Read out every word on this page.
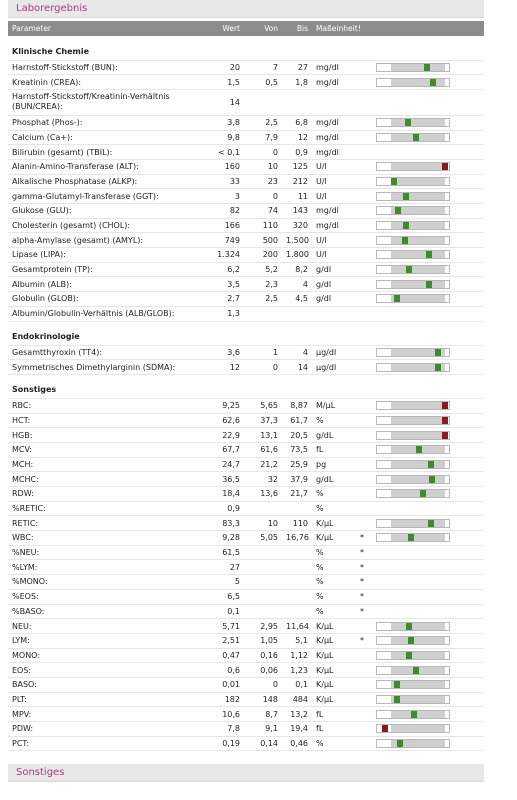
Laborergebnis
Parameter	Wert	Von	Bis	Maßeinheit	!	
Klinische Chemie						
Harnstoff-Stickstoff (BUN):	20	7	27	mg/dl		

Kreatinin (CREA):	1,5	0,5	1,8	mg/dl		

Harnstoff-Stickstoff/Kreatinin-Verhältnis (BUN/CREA):	14					
Phosphat (Phos-):	3,8	2,5	6,8	mg/dl		

Calcium (Ca+):	9,8	7,9	12	mg/dl		

Bilirubin (gesamt) (TBIL):	< 0,1	0	0,9	mg/dl		
Alanin-Amino-Transferase (ALT):	160	10	125	U/l		

Alkalische Phosphatase (ALKP):	33	23	212	U/l		

gamma-Glutamyl-Transferase (GGT):	3	0	11	U/l		

Glukose (GLU):	82	74	143	mg/dl		

Cholesterin (gesamt) (CHOL):	166	110	320	mg/dl		

alpha-Amylase (gesamt) (AMYL):	749	500	1.500	U/l		

Lipase (LIPA):	1.324	200	1.800	U/l		

Gesamtprotein (TP):	6,2	5,2	8,2	g/dl		

Albumin (ALB):	3,5	2,3	4	g/dl		

Globulin (GLOB):	2,7	2,5	4,5	g/dl		

Albumin/Globulin-Verhältnis (ALB/GLOB):	1,3					
Endokrinologie						
Gesamtthyroxin (TT4):	3,6	1	4	µg/dl		

Symmetrisches Dimethylarginin (SDMA):	12	0	14	µg/dl		

Sonstiges						
RBC:	9,25	5,65	8,87	M/µL		

HCT:	62,6	37,3	61,7	%		

HGB:	22,9	13,1	20,5	g/dL		

MCV:	67,7	61,6	73,5	fL		

MCH:	24,7	21,2	25,9	pg		

MCHC:	36,5	32	37,9	g/dL		

RDW:	18,4	13,6	21,7	%		

%RETIC:	0,9			%		
RETIC:	83,3	10	110	K/µL		

WBC:	9,28	5,05	16,76	K/µL	*	

%NEU:	61,5			%	*	
%LYM:	27			%	*	
%MONO:	5			%	*	
%EOS:	6,5			%	*	
%BASO:	0,1			%	*	
NEU:	5,71	2,95	11,64	K/µL		

LYM:	2,51	1,05	5,1	K/µL	*	

MONO:	0,47	0,16	1,12	K/µL		

EOS:	0,6	0,06	1,23	K/µL		

BASO:	0,01	0	0,1	K/µL		

PLT:	182	148	484	K/µL		

MPV:	10,6	8,7	13,2	fL		

PDW:	7,8	9,1	19,4	fL		

PCT:	0,19	0,14	0,46	%		
Sonstiges
